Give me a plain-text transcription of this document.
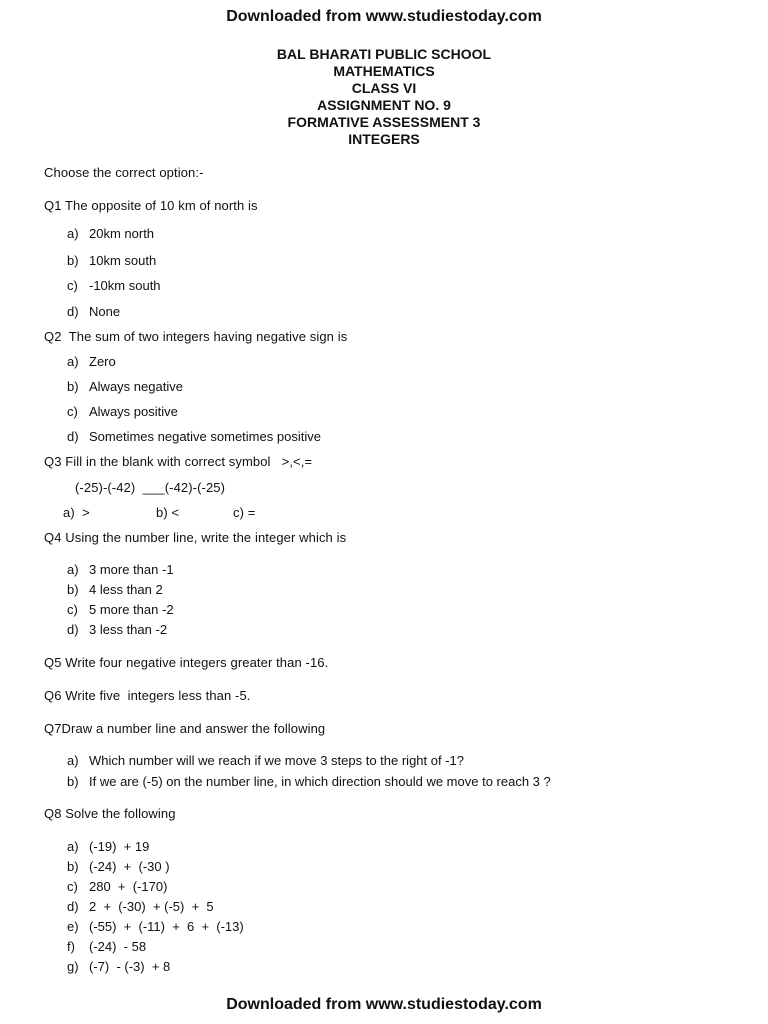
Downloaded from www.studiestoday.com
BAL BHARATI PUBLIC SCHOOL
MATHEMATICS
CLASS VI
ASSIGNMENT NO. 9
FORMATIVE ASSESSMENT 3
INTEGERS
Choose the correct option:-
Q1 The opposite of 10 km of north is
a) 20km north
b) 10km south
c) -10km south
d) None
Q2  The sum of two integers having negative sign is
a) Zero
b) Always negative
c) Always positive
d) Sometimes negative sometimes positive
Q3 Fill in the blank with correct symbol   >,<,=
(-25)-(-42)  ___(-42)-(-25)
a)  >	b) <	c) =
Q4 Using the number line, write the integer which is
a) 3 more than -1
b) 4 less than 2
c) 5 more than -2
d) 3 less than -2
Q5 Write four negative integers greater than -16.
Q6 Write five  integers less than -5.
Q7Draw a number line and answer the following
a) Which number will we reach if we move 3 steps to the right of -1?
b) If we are (-5) on the number line, in which direction should we move to reach 3 ?
Q8 Solve the following
a) (-19)  + 19
b) (-24)  +  (-30 )
c) 280  +  (-170)
d) 2  +  (-30)  + (-5)  +  5
e) (-55)  +  (-11)  +  6  +  (-13)
f) (-24)  - 58
g) (-7)  - (-3)  + 8
Downloaded from www.studiestoday.com
